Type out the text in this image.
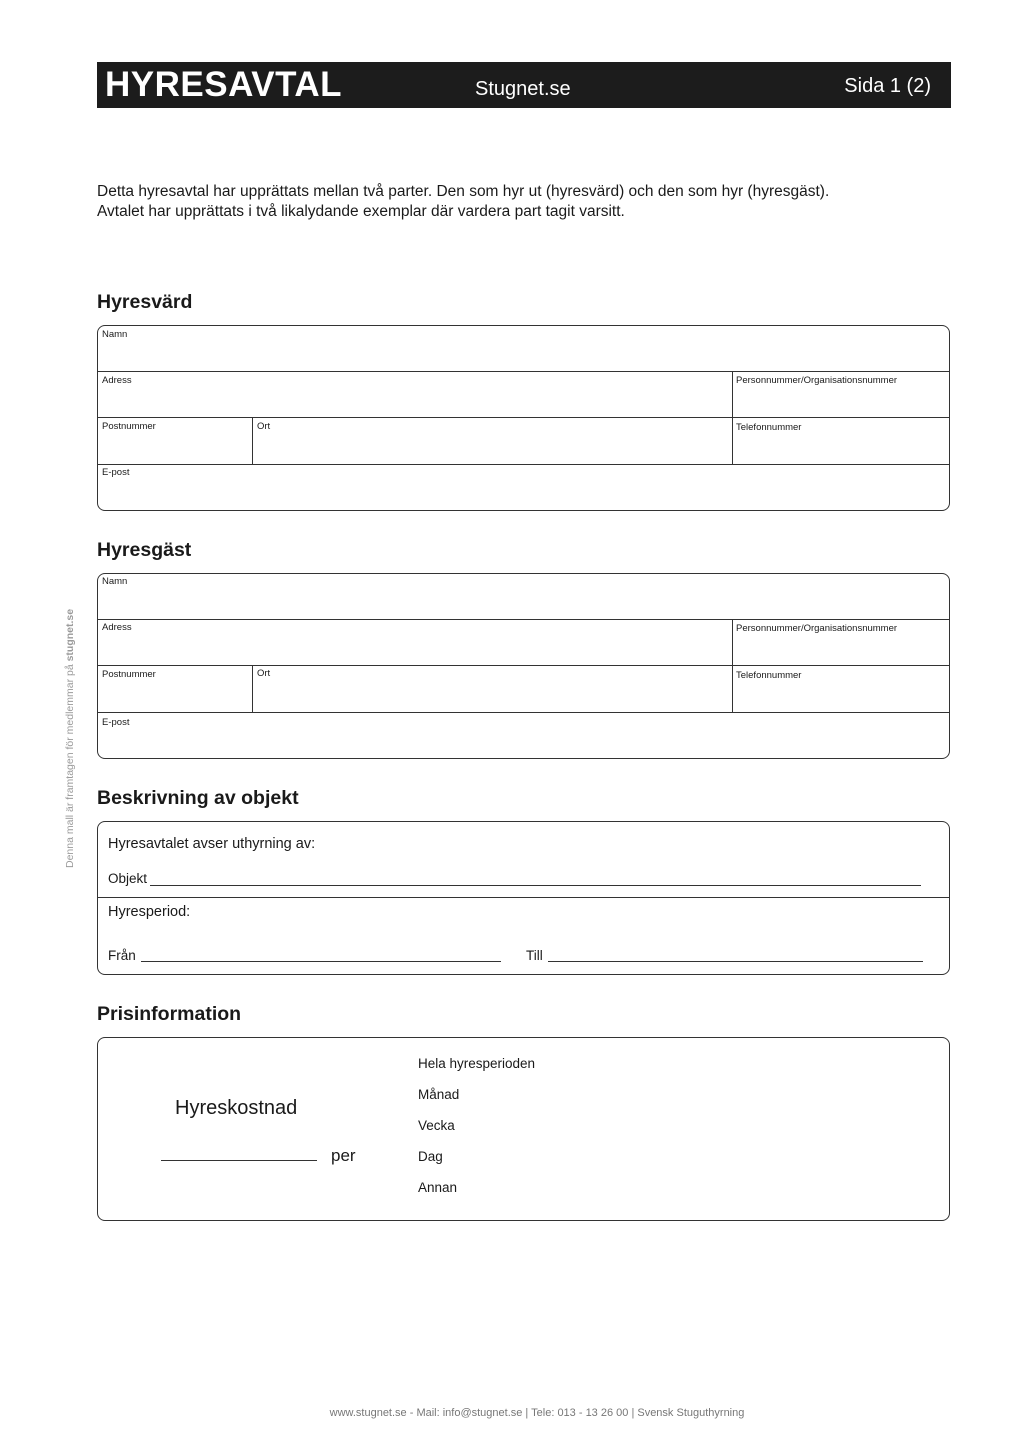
HYRESAVTAL	Stugnet.se	Sida 1 (2)
Detta hyresavtal har upprättats mellan två parter. Den som hyr ut (hyresvärd) och den som hyr (hyresgäst).
Avtalet har upprättats i två likalydande exemplar där vardera part tagit varsitt.
Hyresvärd
Namn
Adress	Personnummer/Organisationsnummer
Postnummer	Ort	Telefonnummer
E-post
Hyresgäst
Namn
Adress	Personnummer/Organisationsnummer
Postnummer	Ort	Telefonnummer
E-post
Beskrivning av objekt
Hyresavtalet avser uthyrning av:
Objekt
Hyresperiod:
Från	Till
Prisinformation
Hyreskostnad
per
Hela hyresperioden
Månad
Vecka
Dag
Annan
Denna mall är framtagen för medlemmar på stugnet.se
www.stugnet.se - Mail: info@stugnet.se | Tele: 013 - 13 26 00 | Svensk Stuguthyrning
